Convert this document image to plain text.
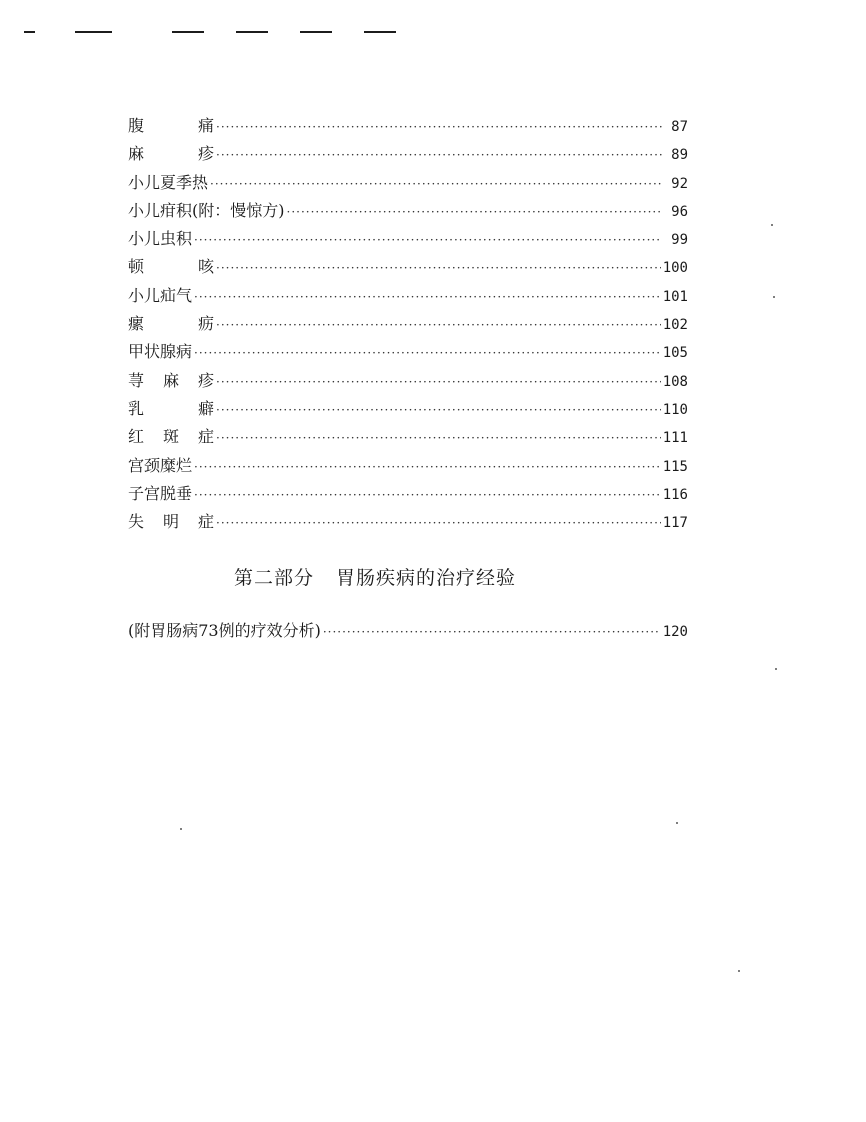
腹	痛 ·····	87
麻	疹 ·····	89
小儿夏季热 ·····	92
小儿疳积(附：慢惊方) ·····	96
小儿虫积 ·····	99
顿	咳 ·····	100
小儿疝气 ·····	101
瘰	疬 ·····	102
甲状腺病 ·····	105
荨 麻 疹 ·····	108
乳	癖 ·····	110
红 斑 症 ·····	111
宫颈糜烂 ·····	115
子宫脱垂 ·····	116
失 明 症 ·····	117
第二部分 胃肠疾病的治疗经验
(附胃肠病73例的疗效分析) ·····	120
